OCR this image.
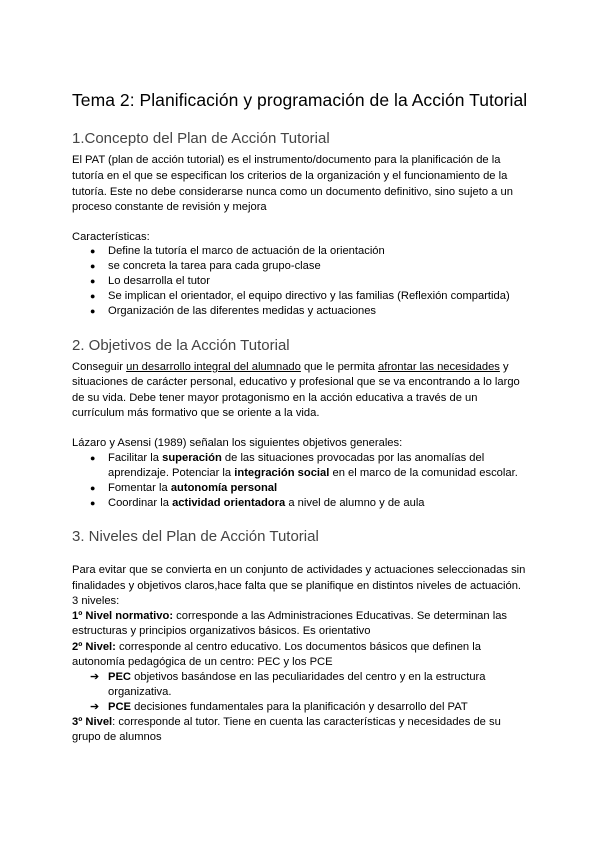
Tema 2: Planificación y programación de la Acción Tutorial
1.Concepto del Plan de Acción Tutorial
El PAT (plan de acción tutorial) es el instrumento/documento para la planificación de la
tutoría en el que se especifican los criterios de la organización y el funcionamiento de la
tutoría. Este no debe considerarse nunca como un documento definitivo, sino sujeto a un
proceso constante de revisión y mejora
Características:
●	Define la tutoría el marco de actuación de la orientación
●	se concreta la tarea para cada grupo-clase
●	Lo desarrolla el tutor
●	Se implican el orientador, el equipo directivo y las familias (Reflexión compartida)
●	Organización de las diferentes medidas y actuaciones
2. Objetivos de la Acción Tutorial
Conseguir un desarrollo integral del alumnado que le permita afrontar las necesidades y
situaciones de carácter personal, educativo y profesional que se va encontrando a lo largo
de su vida. Debe tener mayor protagonismo en la acción educativa a través de un
currículum más formativo que se oriente a la vida.
Lázaro y Asensi (1989) señalan los siguientes objetivos generales:
●	Facilitar la superación de las situaciones provocadas por las anomalías del
aprendizaje. Potenciar la integración social en el marco de la comunidad escolar.
●	Fomentar la autonomía personal
●	Coordinar la actividad orientadora a nivel de alumno y de aula
3. Niveles del Plan de Acción Tutorial
Para evitar que se convierta en un conjunto de actividades y actuaciones seleccionadas sin
finalidades y objetivos claros,hace falta que se planifique en distintos niveles de actuación.
3 niveles:
1º Nivel normativo: corresponde a las Administraciones Educativas. Se determinan las
estructuras y principios organizativos básicos. Es orientativo
2º Nivel: corresponde al centro educativo. Los documentos básicos que definen la
autonomía pedagógica de un centro: PEC y los PCE
➔ PEC objetivos basándose en las peculiaridades del centro y en la estructura
organizativa.
➔ PCE decisiones fundamentales para la planificación y desarrollo del PAT
3º Nivel: corresponde al tutor. Tiene en cuenta las características y necesidades de su
grupo de alumnos
